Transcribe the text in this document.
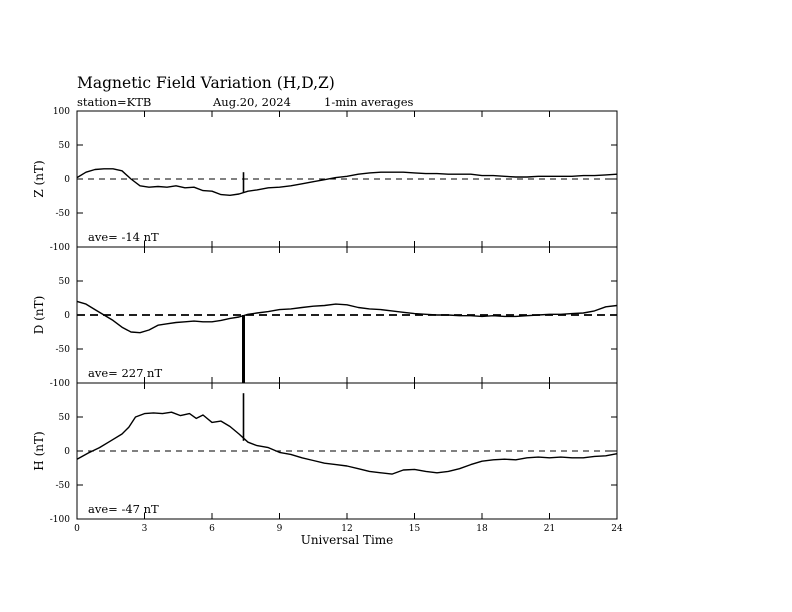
Magnetic Field Variation (H,D,Z)
station=KTB	Aug.20, 2024	1-min averages
100
50
0
-50
-100
Z (nT)
ave= -14 nT
50
0
-50
-100
D (nT)
ave= 227 nT
50
0
-50
-100
H (nT)
ave= -47 nT
0	3	6	9	12	15	18	21	24
Universal Time
